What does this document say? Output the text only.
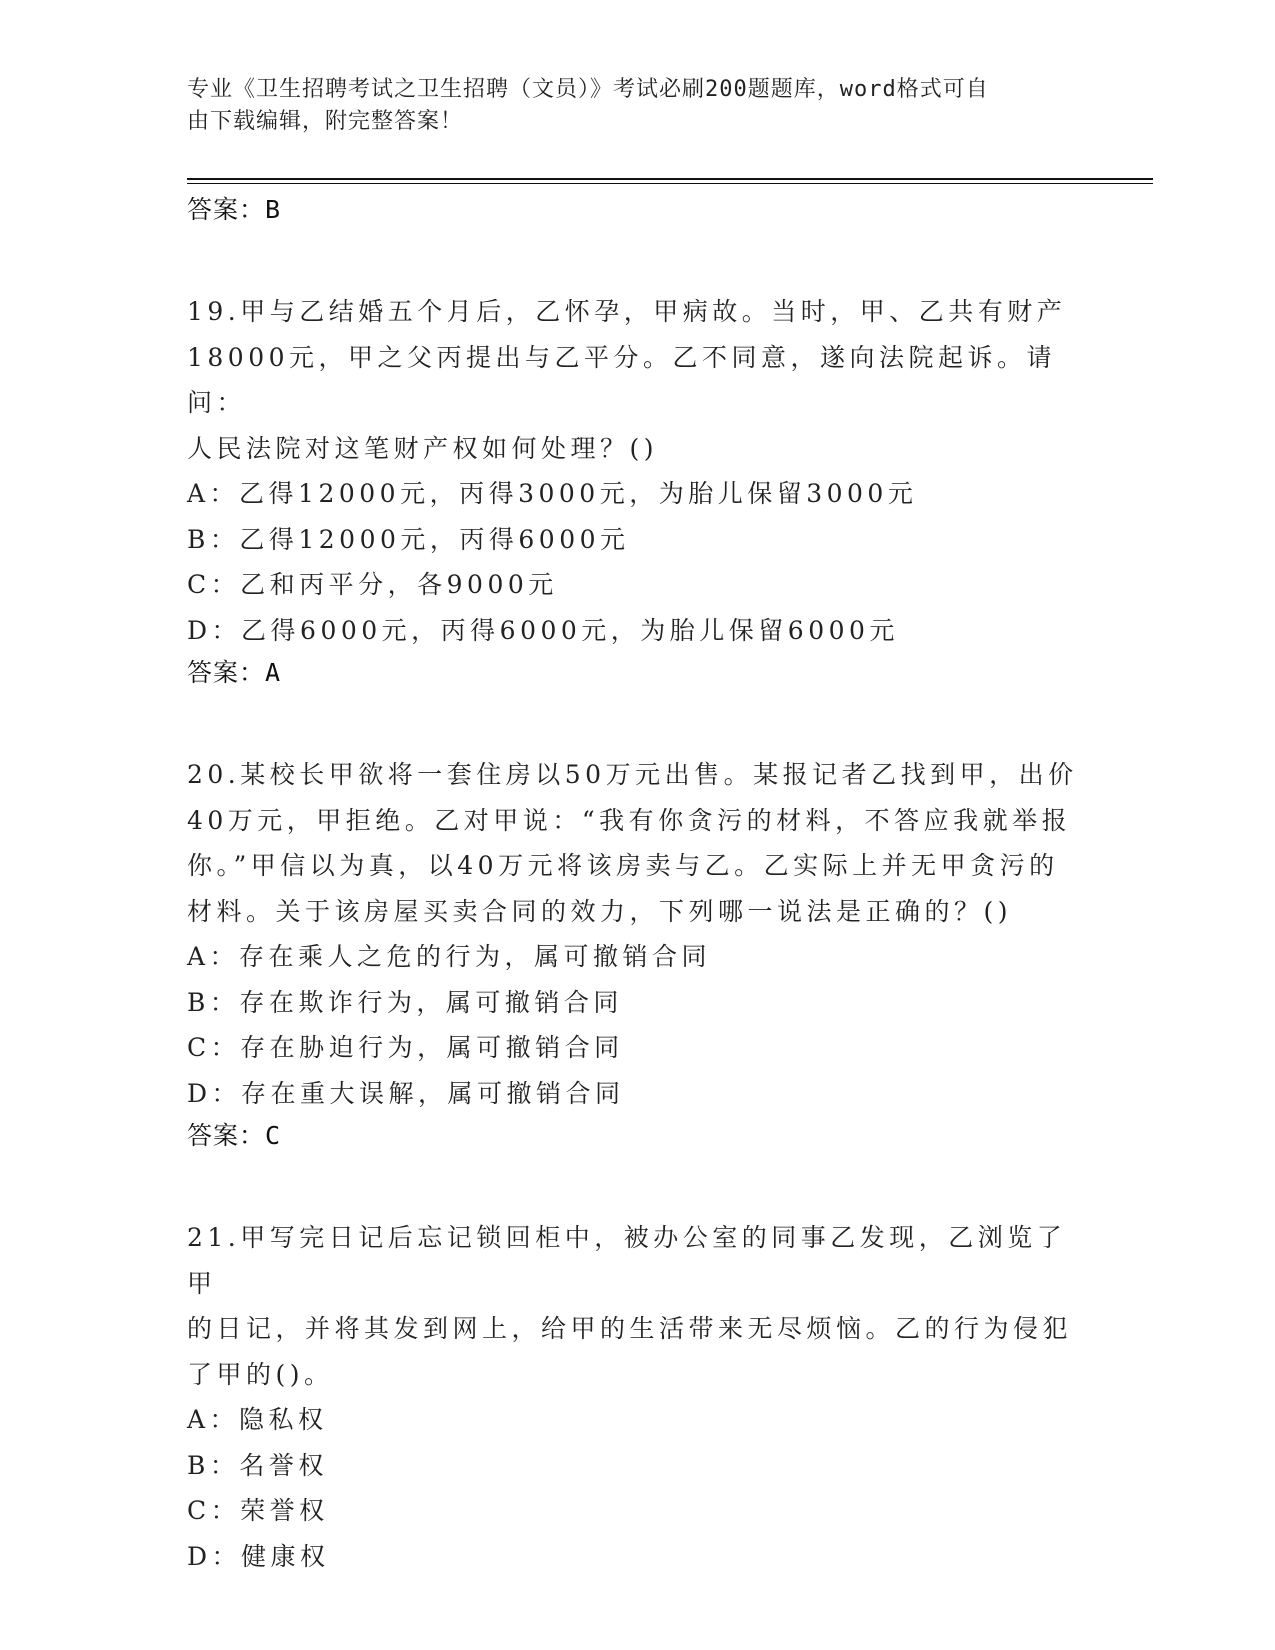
专业《卫生招聘考试之卫生招聘（文员）》考试必刷200题题库，word格式可自
由下载编辑，附完整答案！
答案：B
19.甲与乙结婚五个月后，乙怀孕，甲病故。当时，甲、乙共有财产
18000元，甲之父丙提出与乙平分。乙不同意，遂向法院起诉。请问：
人民法院对这笔财产权如何处理？()
A：乙得12000元，丙得3000元，为胎儿保留3000元
B：乙得12000元，丙得6000元
C：乙和丙平分，各9000元
D：乙得6000元，丙得6000元，为胎儿保留6000元
答案：A
20.某校长甲欲将一套住房以50万元出售。某报记者乙找到甲，出价
40万元，甲拒绝。乙对甲说：“我有你贪污的材料，不答应我就举报
你。”甲信以为真，以40万元将该房卖与乙。乙实际上并无甲贪污的
材料。关于该房屋买卖合同的效力，下列哪一说法是正确的？()
A：存在乘人之危的行为，属可撤销合同
B：存在欺诈行为，属可撤销合同
C：存在胁迫行为，属可撤销合同
D：存在重大误解，属可撤销合同
答案：C
21.甲写完日记后忘记锁回柜中，被办公室的同事乙发现，乙浏览了甲
的日记，并将其发到网上，给甲的生活带来无尽烦恼。乙的行为侵犯
了甲的()。
A：隐私权
B：名誉权
C：荣誉权
D：健康权
